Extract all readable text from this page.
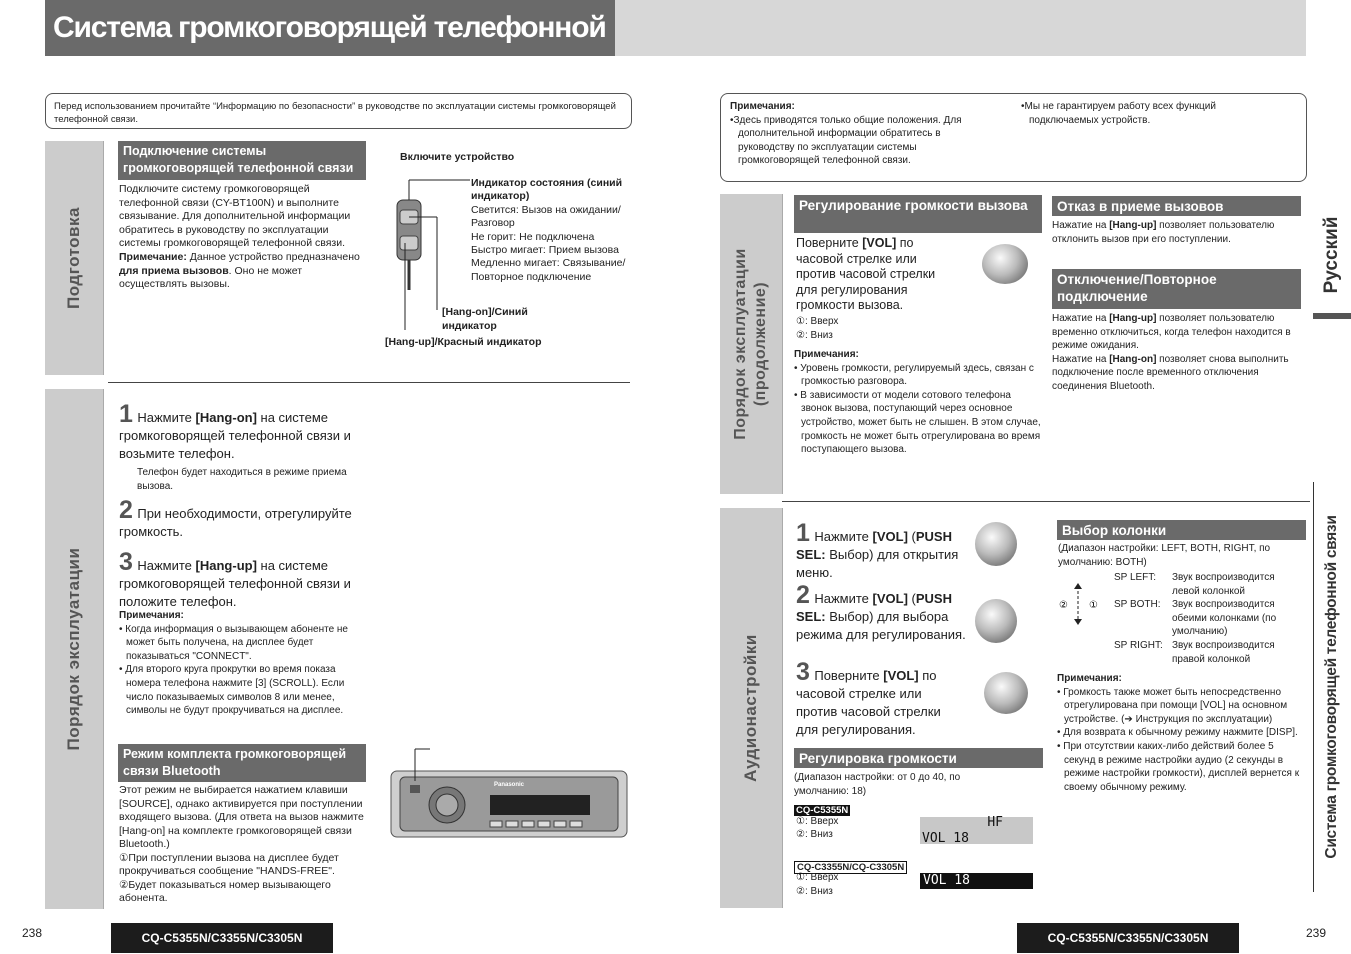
Система громкоговорящей телефонной связи
Перед использованием прочитайте “Информацию по безопасности” в руководстве по эксплуатации системы громкоговорящей телефонной связи.
Подготовка
Порядок эксплуатации
Подключение системы громкоговорящей телефонной связи
Подключите систему громкоговорящей телефонной связи (CY-BT100N) и выполните связывание. Для дополнительной информации обратитесь в руководству по эксплуатации системы громкоговорящей телефонной связи.
Примечание: Данное устройство предназначено для приема вызовов. Оно не может осуществлять вызовы.
Включите устройство
Индикатор состояния (синий индикатор)
Светится: Вызов на ожидании/Разговор
Не горит: Не подключена
Быстро мигает: Прием вызова
Медленно мигает: Связывание/Повторное подключение
[Hang-on]/Синий индикатор
[Hang-up]/Красный индикатор
1 Нажмите [Hang-on] на системе громкоговорящей телефонной связи и возьмите телефон.
Телефон будет находиться в режиме приема вызова.
2 При необходимости, отрегулируйте громкость.
3 Нажмите [Hang-up] на системе громкоговорящей телефонной связи и положите телефон.
Примечания:
• Когда информация о вызывающем абоненте не может быть получена, на дисплее будет показываться "CONNECT".
• Для второго круга прокрутки во время показа номера телефона нажмите [3] (SCROLL). Если число показываемых символов 8 или менее, символы не будут прокручиваться на дисплее.
Режим комплекта громкоговорящей связи Bluetooth
Этот режим не выбирается нажатием клавиши [SOURCE], однако активируется при поступлении входящего вызова. (Для ответа на вызов нажмите [Hang-on] на комплекте громкоговорящей связи Bluetooth.)
①При поступлении вызова на дисплее будет прокручиваться сообщение "HANDS-FREE".
②Будет показываться номер вызывающего абонента.
Panasonic
238	CQ-C5355N/C3355N/C3305N
Примечания:
•Здесь приводятся только общие положения. Для дополнительной информации обратитесь в руководству по эксплуатации системы громкоговорящей телефонной связи.
•Мы не гарантируем работу всех функций подключаемых устройств.
Порядок эксплуатации (продолжение)
Аудионастройки
Русский
Система громкоговорящей телефонной связи
Регулирование громкости вызова
Поверните [VOL] по часовой стрелке или против часовой стрелки для регулирования громкости вызова.
①: Вверх
②: Вниз
Примечания:
• Уровень громкости, регулируемый здесь, связан с громкостью разговора.
• В зависимости от модели сотового телефона звонок вызова, поступающий через основное устройство, может быть не слышен. В этом случае, громкость не может быть отрегулирована во время поступающего вызова.
Отказ в приеме вызовов
Нажатие на [Hang-up] позволяет пользователю отклонить вызов при его поступлении.
Отключение/Повторное подключение
Нажатие на [Hang-up] позволяет пользователю временно отключиться, когда телефон находится в режиме ожидания.
Нажатие на [Hang-on] позволяет снова выполнить подключение после временного отключения соединения Bluetooth.
1 Нажмите [VOL] (PUSH SEL: Выбор) для открытия меню.
2 Нажмите [VOL] (PUSH SEL: Выбор) для выбора режима для регулирования.
3 Поверните [VOL] по часовой стрелке или против часовой стрелки для регулирования.
Регулировка громкости
(Диапазон настройки: от 0 до 40, по умолчанию: 18)
CQ-C5355N
①: Вверх
②: Вниз
HF
VOL 18
CQ-C3355N/CQ-C3305N
①: Вверх
②: Вниз
VOL 18
Выбор колонки
(Диапазон настройки: LEFT, BOTH, RIGHT, по умолчанию: BOTH)
② ①
SP LEFT:	Звук воспроизводится левой колонкой
SP BOTH:	Звук воспроизводится обеими колонками (по умолчанию)
SP RIGHT: Звук воспроизводится правой колонкой
Примечания:
• Громкость также может быть непосредственно отрегулирована при помощи [VOL] на основном устройстве. (➔ Инструкция по эксплуатации)
• Для возврата к обычному режиму нажмите [DISP].
• При отсутствии каких-либо действий более 5 секунд в режиме настройки аудио (2 секунды в режиме настройки громкости), дисплей вернется к своему обычному режиму.
CQ-C5355N/C3355N/C3305N	239
